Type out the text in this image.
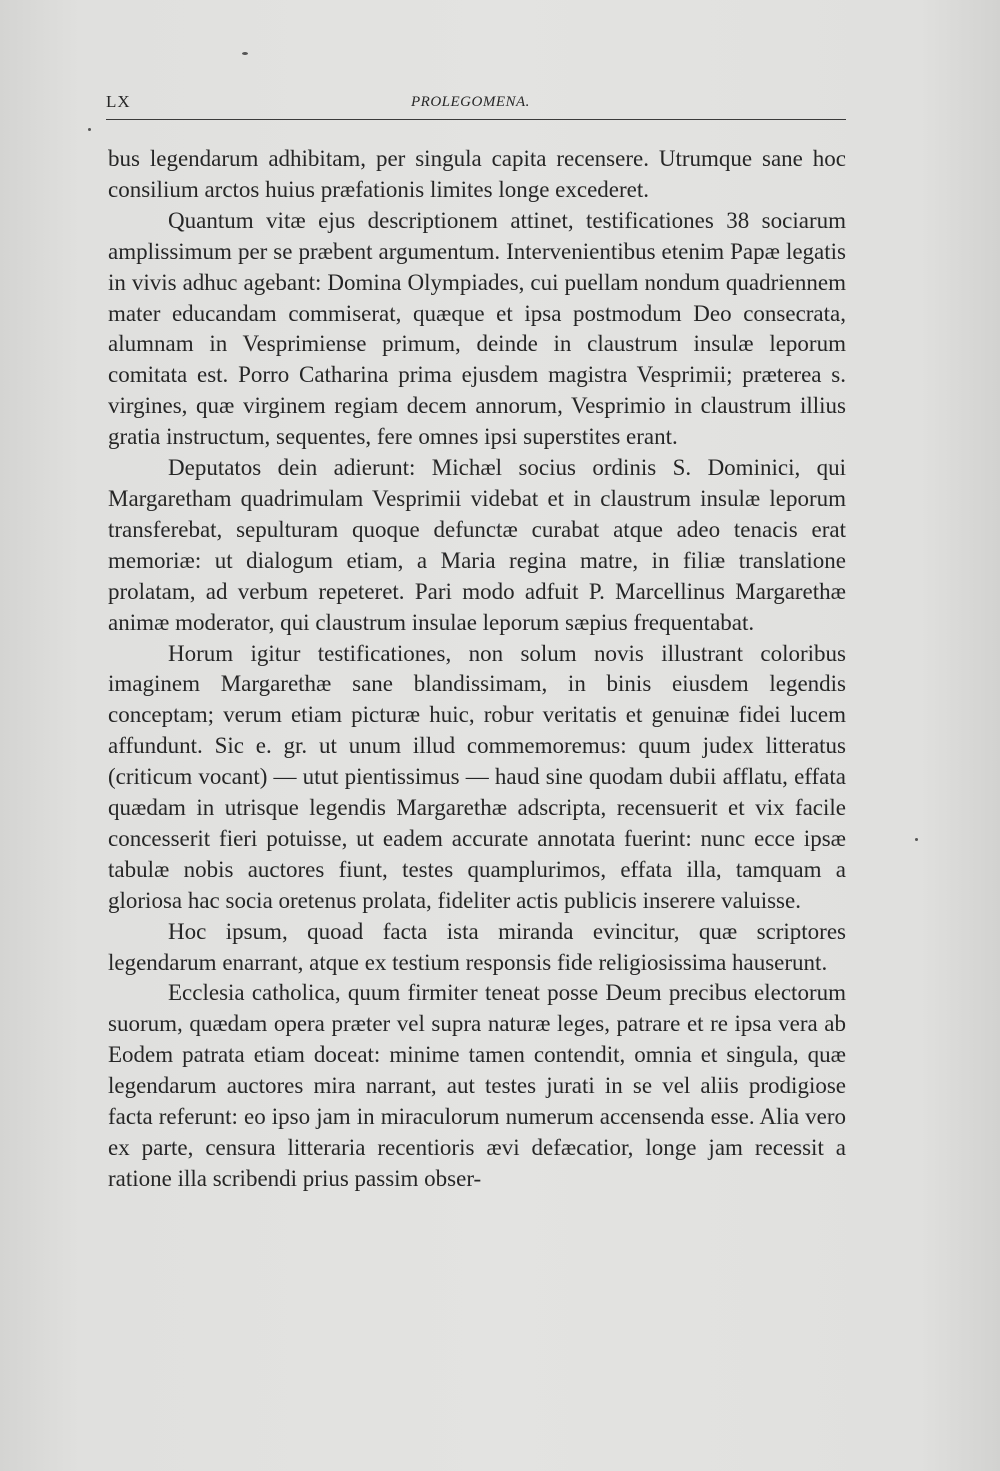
LX	PROLEGOMENA.

bus legendarum adhibitam, per singula capita recensere. Utrumque sane hoc consilium arctos huius præfationis limites longe excederet.

Quantum vitæ ejus descriptionem attinet, testificationes 38 sociarum amplissimum per se præbent argumentum. Intervenientibus etenim Papæ legatis in vivis adhuc agebant: Domina Olympiades, cui puellam nondum quadriennem mater educandam commiserat, quæque et ipsa postmodum Deo consecrata, alumnam in Vesprimiense primum, deinde in claustrum insulæ leporum comitata est. Porro Catharina prima ejusdem magistra Vesprimii; præterea s. virgines, quæ virginem regiam decem annorum, Vesprimio in claustrum illius gratia instructum, sequentes, fere omnes ipsi superstites erant.

Deputatos dein adierunt: Michæl socius ordinis S. Dominici, qui Margaretham quadrimulam Vesprimii videbat et in claustrum insulæ leporum transferebat, sepulturam quoque defunctæ curabat atque adeo tenacis erat memoriæ: ut dialogum etiam, a Maria regina matre, in filiæ translatione prolatam, ad verbum repeteret. Pari modo adfuit P. Marcellinus Margarethæ animæ moderator, qui claustrum insulae leporum sæpius frequentabat.

Horum igitur testificationes, non solum novis illustrant coloribus imaginem Margarethæ sane blandissimam, in binis eiusdem legendis conceptam; verum etiam picturæ huic, robur veritatis et genuinæ fidei lucem affundunt. Sic e. gr. ut unum illud commemoremus: quum judex litteratus (criticum vocant) — utut pientissimus — haud sine quodam dubii afflatu, effata quædam in utrisque legendis Margarethæ adscripta, recensuerit et vix facile concesserit fieri potuisse, ut eadem accurate annotata fuerint: nunc ecce ipsæ tabulæ nobis auctores fiunt, testes quamplurimos, effata illa, tamquam a gloriosa hac socia oretenus prolata, fideliter actis publicis inserere valuisse.

Hoc ipsum, quoad facta ista miranda evincitur, quæ scriptores legendarum enarrant, atque ex testium responsis fide religiosissima hauserunt.

Ecclesia catholica, quum firmiter teneat posse Deum precibus electorum suorum, quædam opera præter vel supra naturæ leges, patrare et re ipsa vera ab Eodem patrata etiam doceat: minime tamen contendit, omnia et singula, quæ legendarum auctores mira narrant, aut testes jurati in se vel aliis prodigiose facta referunt: eo ipso jam in miraculorum numerum accensenda esse. Alia vero ex parte, censura litteraria recentioris ævi defæcatior, longe jam recessit a ratione illa scribendi prius passim obser-
